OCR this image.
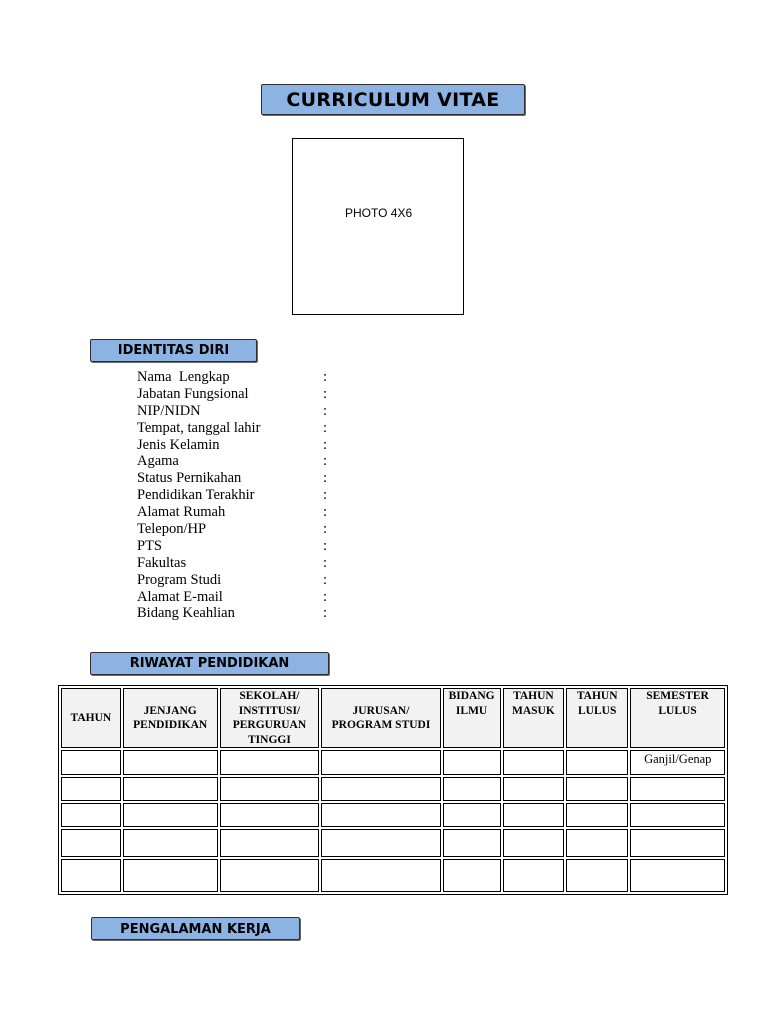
CURRICULUM VITAE
PHOTO 4X6
IDENTITAS DIRI
Nama  Lengkap	:
Jabatan Fungsional	:
NIP/NIDN	:
Tempat, tanggal lahir	:
Jenis Kelamin	:
Agama	:
Status Pernikahan	:
Pendidikan Terakhir	:
Alamat Rumah	:
Telepon/HP	:
PTS	:
Fakultas	:
Program Studi	:
Alamat E-mail	:
Bidang Keahlian	:
RIWAYAT PENDIDIKAN
TAHUN	JENJANG PENDIDIKAN	SEKOLAH/ INSTITUSI/ PERGURUAN TINGGI	JURUSAN/ PROGRAM STUDI	BIDANG ILMU	TAHUN MASUK	TAHUN LULUS	SEMESTER LULUS
							Ganjil/Genap

PENGALAMAN KERJA
